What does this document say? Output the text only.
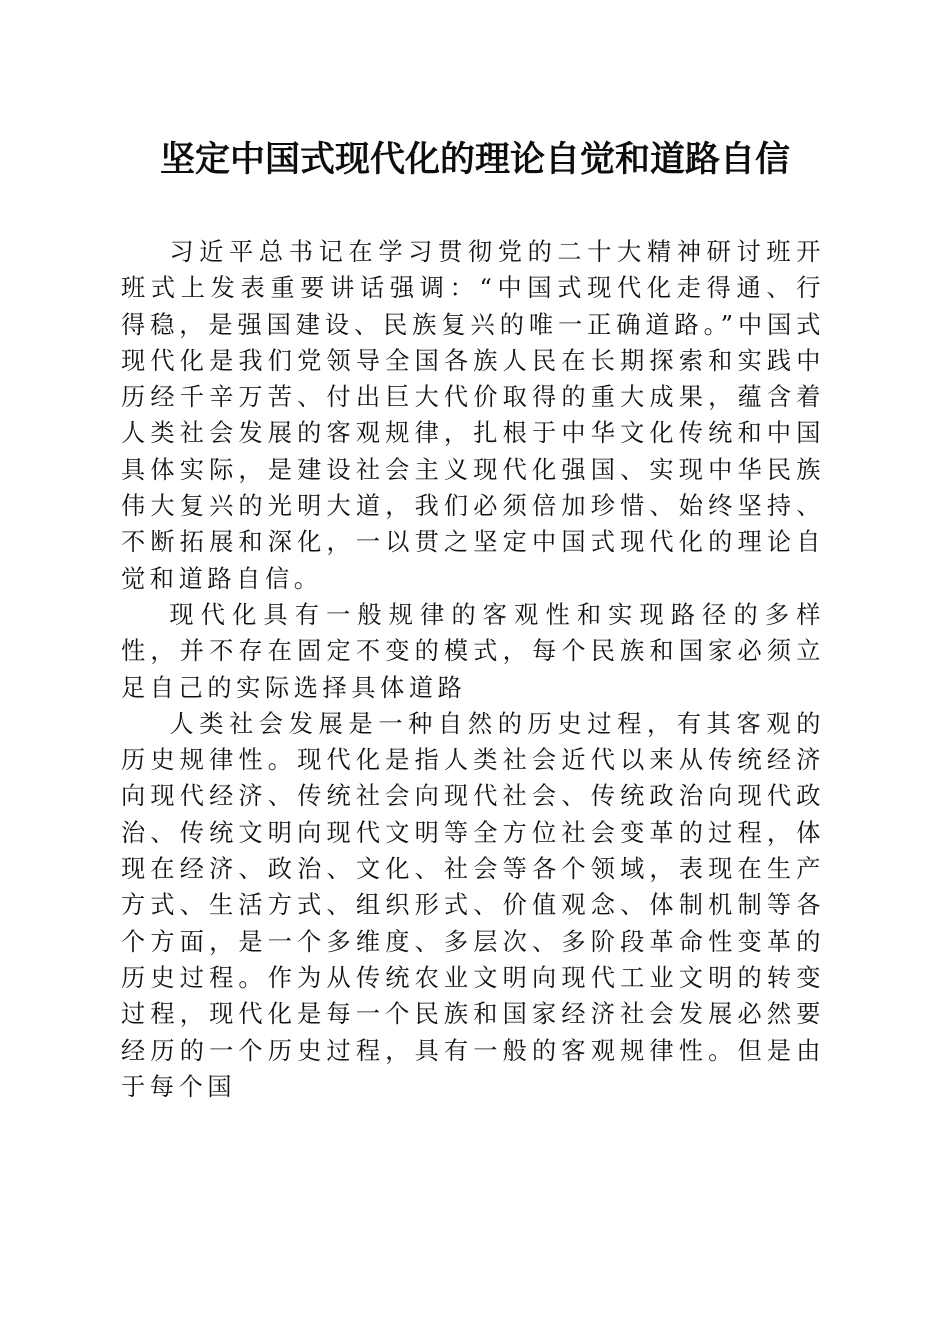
坚定中国式现代化的理论自觉和道路自信

习近平总书记在学习贯彻党的二十大精神研讨班开班式上发表重要讲话强调：“中国式现代化走得通、行得稳，是强国建设、民族复兴的唯一正确道路。”中国式现代化是我们党领导全国各族人民在长期探索和实践中历经千辛万苦、付出巨大代价取得的重大成果，蕴含着人类社会发展的客观规律，扎根于中华文化传统和中国具体实际，是建设社会主义现代化强国、实现中华民族伟大复兴的光明大道，我们必须倍加珍惜、始终坚持、不断拓展和深化，一以贯之坚定中国式现代化的理论自觉和道路自信。

现代化具有一般规律的客观性和实现路径的多样性，并不存在固定不变的模式，每个民族和国家必须立足自己的实际选择具体道路

人类社会发展是一种自然的历史过程，有其客观的历史规律性。现代化是指人类社会近代以来从传统经济向现代经济、传统社会向现代社会、传统政治向现代政治、传统文明向现代文明等全方位社会变革的过程，体现在经济、政治、文化、社会等各个领域，表现在生产方式、生活方式、组织形式、价值观念、体制机制等各个方面，是一个多维度、多层次、多阶段革命性变革的历史过程。作为从传统农业文明向现代工业文明的转变过程，现代化是每一个民族和国家经济社会发展必然要经历的一个历史过程，具有一般的客观规律性。但是由于每个国
